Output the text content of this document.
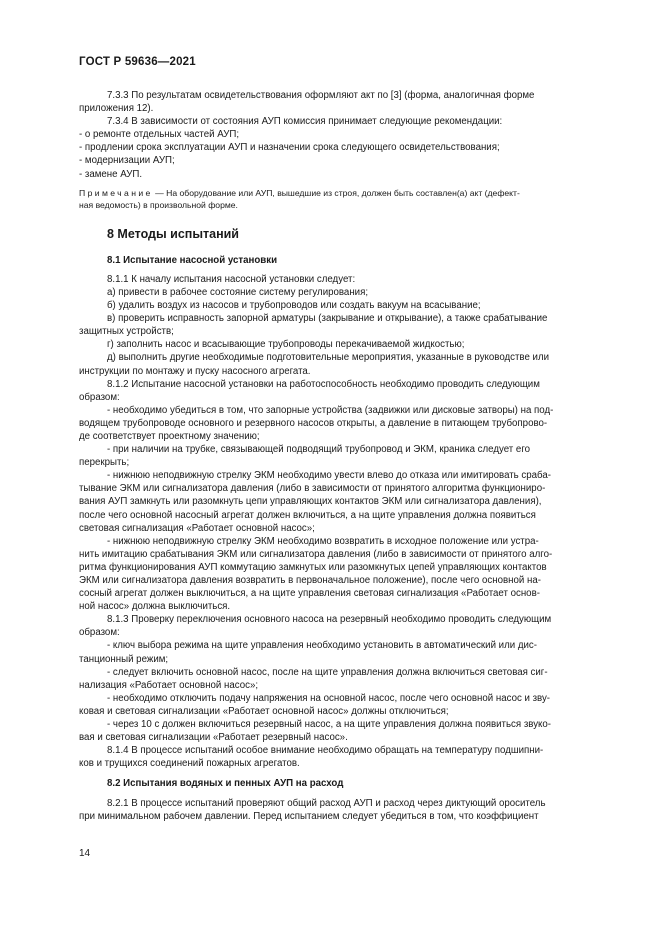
ГОСТ Р 59636—2021

7.3.3 По результатам освидетельствования оформляют акт по [3] (форма, аналогичная форме

приложения 12).

7.3.4 В зависимости от состояния АУП комиссия принимает следующие рекомендации:

- о ремонте отдельных частей АУП;

- продлении срока эксплуатации АУП и назначении срока следующего освидетельствования;

- модернизации АУП;

- замене АУП.

Примечание — На оборудование или АУП, вышедшие из строя, должен быть составлен(а) акт (дефект-

ная ведомость) в произвольной форме.

8 Методы испытаний

8.1 Испытание насосной установки

8.1.1 К началу испытания насосной установки следует:

а) привести в рабочее состояние систему регулирования;

б) удалить воздух из насосов и трубопроводов или создать вакуум на всасывание;

в) проверить исправность запорной арматуры (закрывание и открывание), а также срабатывание

защитных устройств;

г) заполнить насос и всасывающие трубопроводы перекачиваемой жидкостью;

д) выполнить другие необходимые подготовительные мероприятия, указанные в руководстве или

инструкции по монтажу и пуску насосного агрегата.

8.1.2 Испытание насосной установки на работоспособность необходимо проводить следующим

образом:

- необходимо убедиться в том, что запорные устройства (задвижки или дисковые затворы) на под-

водящем трубопроводе основного и резервного насосов открыты, а давление в питающем трубопрово-

де соответствует проектному значению;

- при наличии на трубке, связывающей подводящий трубопровод и ЭКМ, краника следует его

перекрыть;

- нижнюю неподвижную стрелку ЭКМ необходимо увести влево до отказа или имитировать сраба-

тывание ЭКМ или сигнализатора давления (либо в зависимости от принятого алгоритма функционирo-

вания АУП замкнуть или разомкнуть цепи управляющих контактов ЭКМ или сигнализатора давления),

после чего основной насосный агрегат должен включиться, а на щите управления должна появиться

световая сигнализация «Работает основной насос»;

- нижнюю неподвижную стрелку ЭКМ необходимо возвратить в исходное положение или устра-

нить имитацию срабатывания ЭКМ или сигнализатора давления (либо в зависимости от принятого алго-

ритма функционирования АУП коммутацию замкнутых или разомкнутых цепей управляющих контактов

ЭКМ или сигнализатора давления возвратить в первоначальное положение), после чего основной на-

сосный агрегат должен выключиться, а на щите управления световая сигнализация «Работает основ-

ной насос» должна выключиться.

8.1.3 Проверку переключения основного насоса на резервный необходимо проводить следующим

образом:

- ключ выбора режима на щите управления необходимо установить в автоматический или дис-

танционный режим;

- следует включить основной насос, после на щите управления должна включиться световая сиг-

нализация «Работает основной насос»;

- необходимо отключить подачу напряжения на основной насос, после чего основной насос и зву-

ковая и световая сигнализации «Работает основной насос» должны отключиться;

- через 10 с должен включиться резервный насос, а на щите управления должна появиться звуко-

вая и световая сигнализации «Работает резервный насос».

8.1.4 В процессе испытаний особое внимание необходимо обращать на температуру подшипни-

ков и трущихся соединений пожарных агрегатов.

8.2 Испытания водяных и пенных АУП на расход

8.2.1 В процессе испытаний проверяют общий расход АУП и расход через диктующий ороситель

при минимальном рабочем давлении. Перед испытанием следует убедиться в том, что коэффициент

14
